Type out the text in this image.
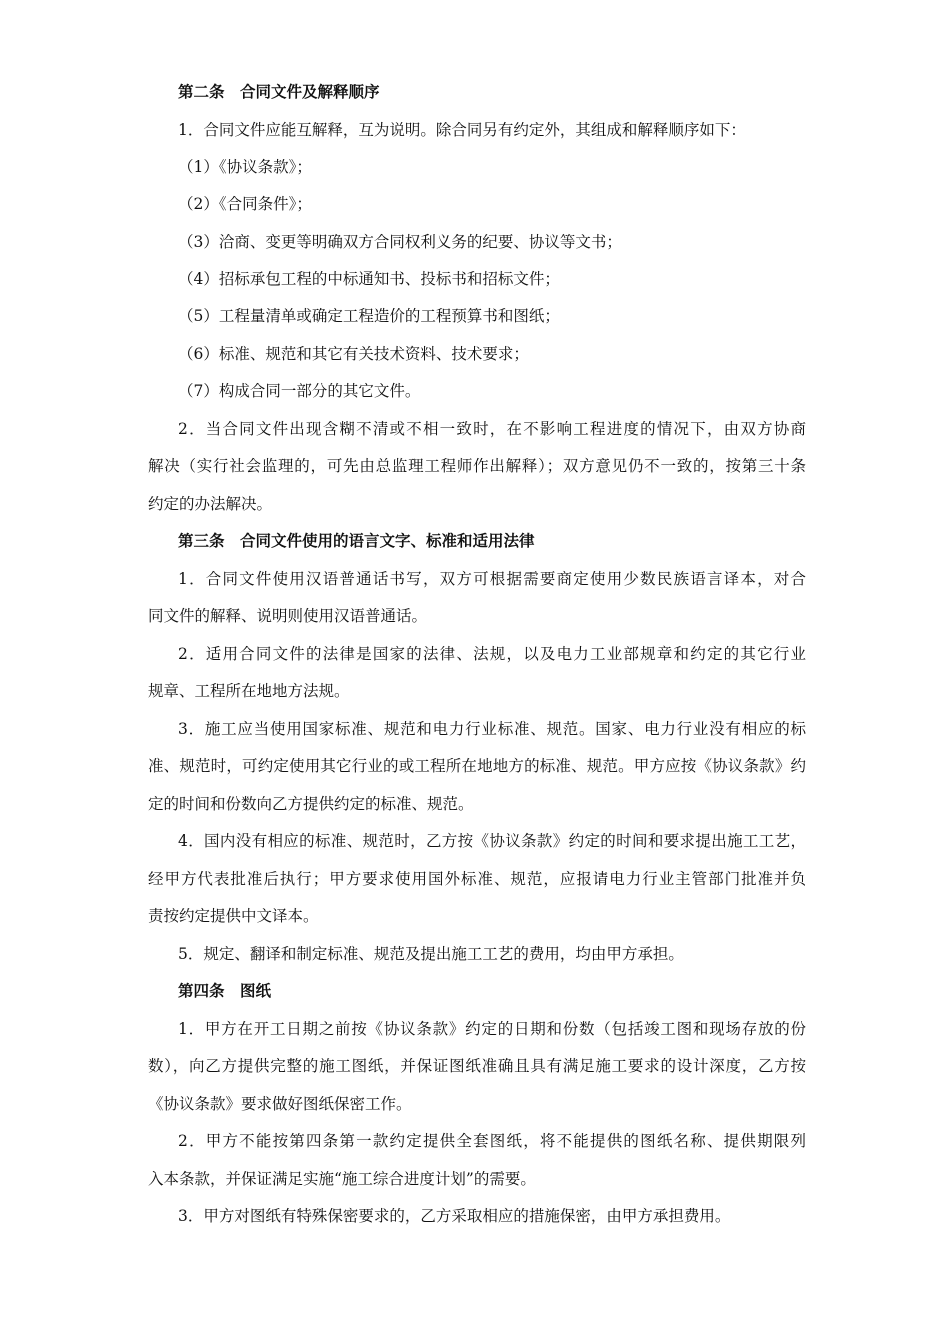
第二条　合同文件及解释顺序
1．合同文件应能互解释，互为说明。除合同另有约定外，其组成和解释顺序如下：
（1）《协议条款》；
（2）《合同条件》；
（3）洽商、变更等明确双方合同权利义务的纪要、协议等文书；
（4）招标承包工程的中标通知书、投标书和招标文件；
（5）工程量清单或确定工程造价的工程预算书和图纸；
（6）标准、规范和其它有关技术资料、技术要求；
（7）构成合同一部分的其它文件。
2．当合同文件出现含糊不清或不相一致时，在不影响工程进度的情况下，由双方协商
解决（实行社会监理的，可先由总监理工程师作出解释）；双方意见仍不一致的，按第三十条
约定的办法解决。
第三条　合同文件使用的语言文字、标准和适用法律
1．合同文件使用汉语普通话书写，双方可根据需要商定使用少数民族语言译本，对合
同文件的解释、说明则使用汉语普通话。
2．适用合同文件的法律是国家的法律、法规，以及电力工业部规章和约定的其它行业
规章、工程所在地地方法规。
3．施工应当使用国家标准、规范和电力行业标准、规范。国家、电力行业没有相应的标
准、规范时，可约定使用其它行业的或工程所在地地方的标准、规范。甲方应按《协议条款》约
定的时间和份数向乙方提供约定的标准、规范。
4．国内没有相应的标准、规范时，乙方按《协议条款》约定的时间和要求提出施工工艺，
经甲方代表批准后执行；甲方要求使用国外标准、规范，应报请电力行业主管部门批准并负
责按约定提供中文译本。
5．规定、翻译和制定标准、规范及提出施工工艺的费用，均由甲方承担。
第四条　图纸
1．甲方在开工日期之前按《协议条款》约定的日期和份数（包括竣工图和现场存放的份
数），向乙方提供完整的施工图纸，并保证图纸准确且具有满足施工要求的设计深度，乙方按
《协议条款》要求做好图纸保密工作。
2．甲方不能按第四条第一款约定提供全套图纸，将不能提供的图纸名称、提供期限列
入本条款，并保证满足实施“施工综合进度计划”的需要。
3．甲方对图纸有特殊保密要求的，乙方采取相应的措施保密，由甲方承担费用。
